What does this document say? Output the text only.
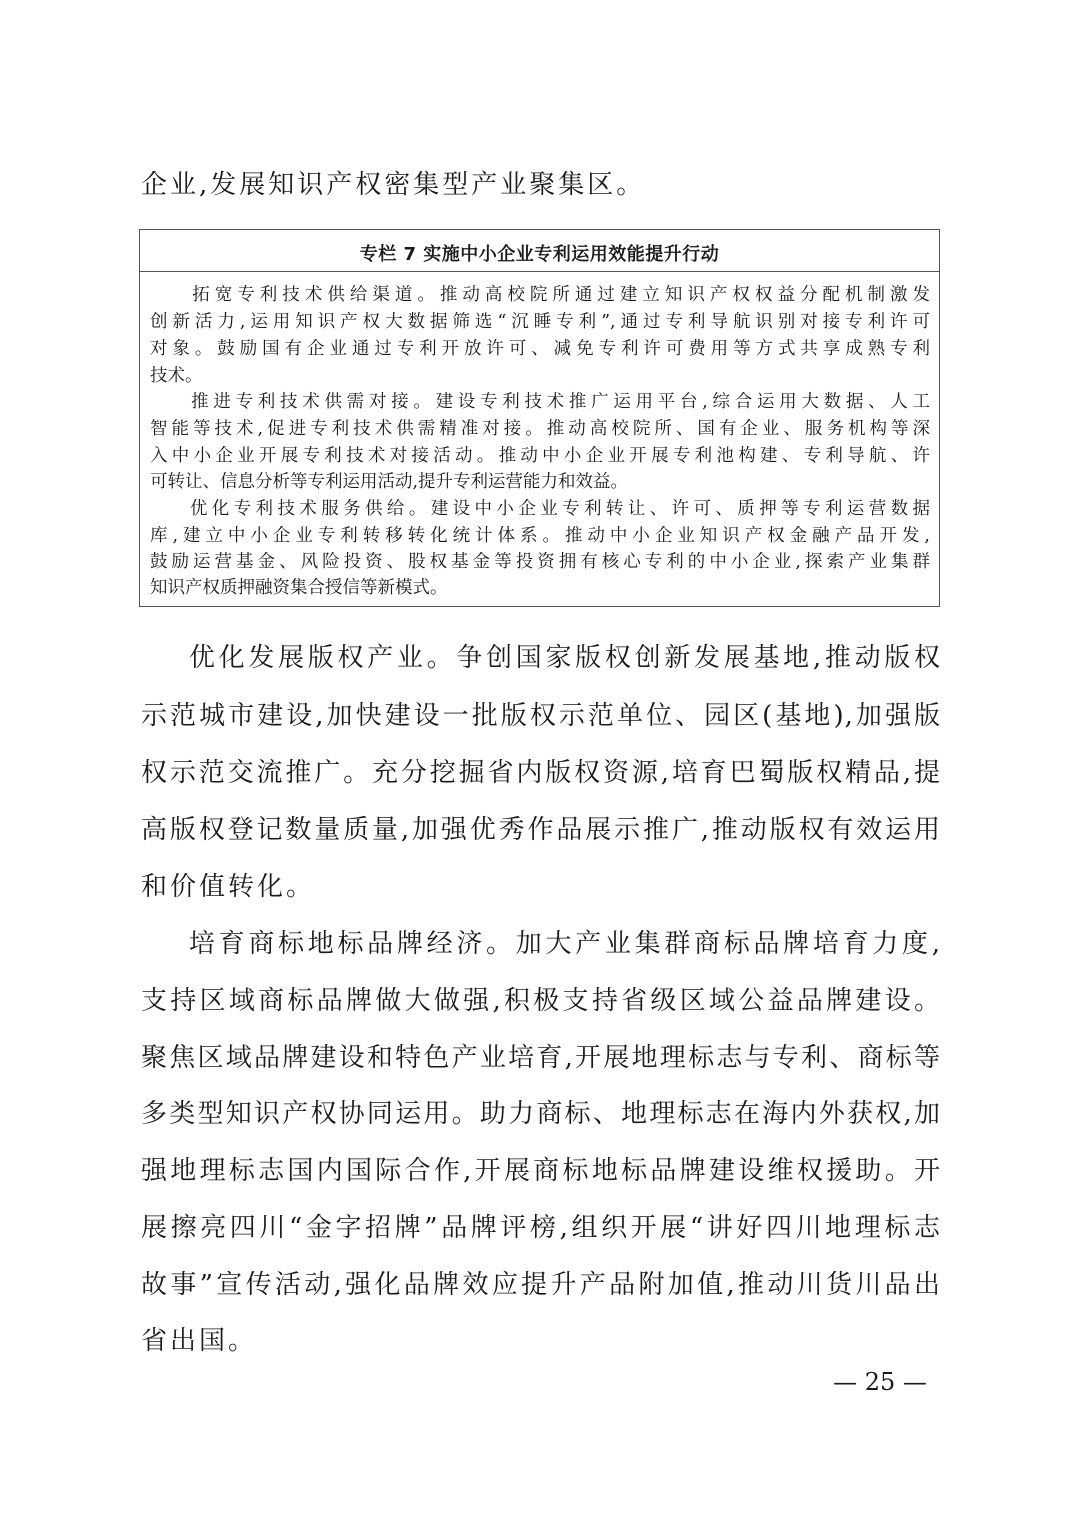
企业,发展知识产权密集型产业聚集区。
专栏 7 实施中小企业专利运用效能提升行动
拓宽专利技术供给渠道。推动高校院所通过建立知识产权权益分配机制激发
创新活力,运用知识产权大数据筛选“沉睡专利”,通过专利导航识别对接专利许可
对象。鼓励国有企业通过专利开放许可、减免专利许可费用等方式共享成熟专利
技术。
推进专利技术供需对接。建设专利技术推广运用平台,综合运用大数据、人工
智能等技术,促进专利技术供需精准对接。推动高校院所、国有企业、服务机构等深
入中小企业开展专利技术对接活动。推动中小企业开展专利池构建、专利导航、许
可转让、信息分析等专利运用活动,提升专利运营能力和效益。
优化专利技术服务供给。建设中小企业专利转让、许可、质押等专利运营数据
库,建立中小企业专利转移转化统计体系。推动中小企业知识产权金融产品开发,
鼓励运营基金、风险投资、股权基金等投资拥有核心专利的中小企业,探索产业集群
知识产权质押融资集合授信等新模式。
优化发展版权产业。争创国家版权创新发展基地,推动版权
示范城市建设,加快建设一批版权示范单位、园区(基地),加强版
权示范交流推广。充分挖掘省内版权资源,培育巴蜀版权精品,提
高版权登记数量质量,加强优秀作品展示推广,推动版权有效运用
和价值转化。
培育商标地标品牌经济。加大产业集群商标品牌培育力度,
支持区域商标品牌做大做强,积极支持省级区域公益品牌建设。
聚焦区域品牌建设和特色产业培育,开展地理标志与专利、商标等
多类型知识产权协同运用。助力商标、地理标志在海内外获权,加
强地理标志国内国际合作,开展商标地标品牌建设维权援助。开
展擦亮四川“金字招牌”品牌评榜,组织开展“讲好四川地理标志
故事”宣传活动,强化品牌效应提升产品附加值,推动川货川品出
省出国。
— 25 —
